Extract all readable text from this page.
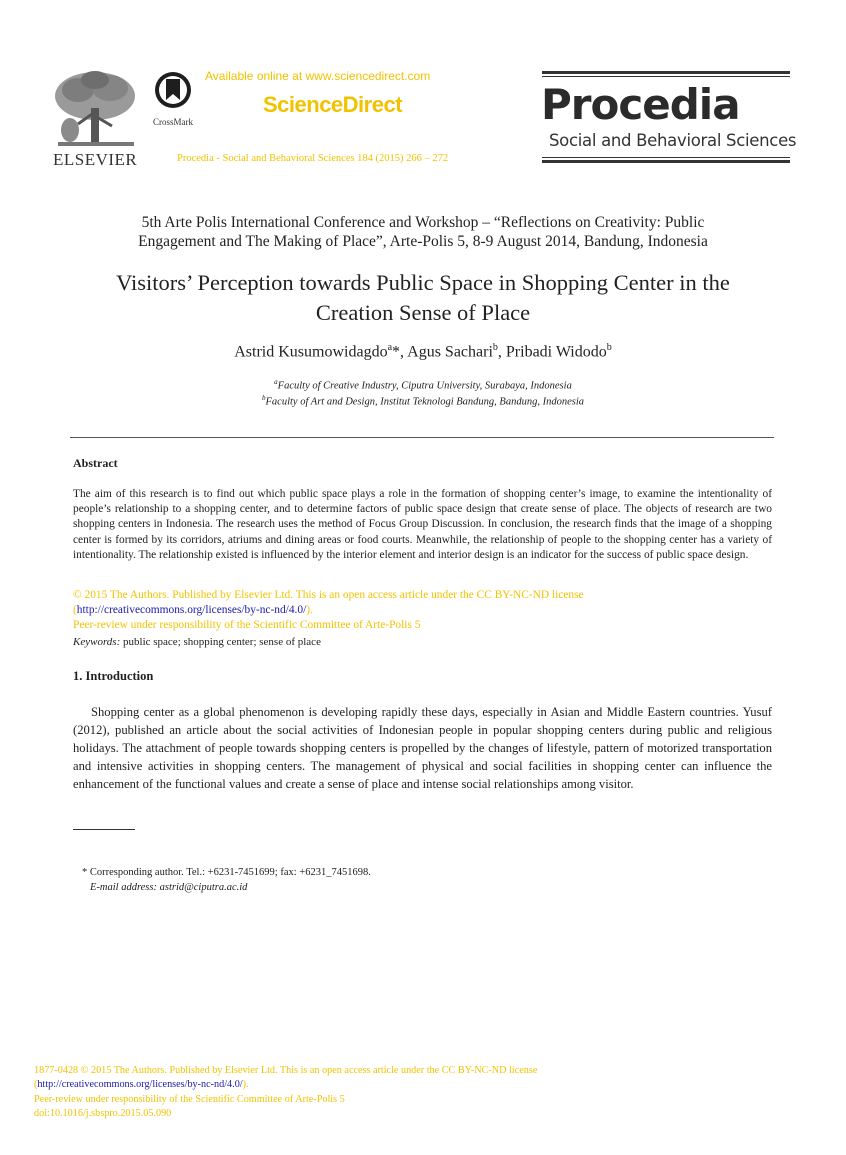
ELSEVIER
CrossMark
Available online at www.sciencedirect.com
ScienceDirect
Procedia - Social and Behavioral Sciences 184 (2015) 266 – 272
Procedia
Social and Behavioral Sciences
5th Arte Polis International Conference and Workshop – “Reflections on Creativity: Public
Engagement and The Making of Place”, Arte-Polis 5, 8-9 August 2014, Bandung, Indonesia
Visitors’ Perception towards Public Space in Shopping Center in the
Creation Sense of Place
Astrid Kusumowidagdo$^a$*, Agus Sachari$^b$, Pribadi Widodo$^b$
$^a$Faculty of Creative Industry, Ciputra University, Surabaya, Indonesia
$^b$Faculty of Art and Design, Institut Teknologi Bandung, Bandung, Indonesia
Abstract
The aim of this research is to find out which public space plays a role in the formation of shopping center’s image, to examine the intentionality of people’s relationship to a shopping center, and to determine factors of public space design that create sense of place. The objects of research are two shopping centers in Indonesia. The research uses the method of Focus Group Discussion. In conclusion, the research finds that the image of a shopping center is formed by its corridors, atriums and dining areas or food courts. Meanwhile, the relationship of people to the shopping center has a variety of intentionality. The relationship existed is influenced by the interior element and interior design is an indicator for the success of public space design.
© 2015 The Authors. Published by Elsevier Ltd. This is an open access article under the CC BY-NC-ND license
(http://creativecommons.org/licenses/by-nc-nd/4.0/).
Peer-review under responsibility of the Scientific Committee of Arte-Polis 5
Keywords: public space; shopping center; sense of place
1. Introduction
Shopping center as a global phenomenon is developing rapidly these days, especially in Asian and Middle Eastern countries. Yusuf (2012), published an article about the social activities of Indonesian people in popular shopping centers during public and religious holidays. The attachment of people towards shopping centers is propelled by the changes of lifestyle, pattern of motorized transportation and intensive activities in shopping centers. The management of physical and social facilities in shopping center can influence the enhancement of the functional values and create a sense of place and intense social relationships among visitor.
* Corresponding author. Tel.: +6231-7451699; fax: +6231_7451698.
E-mail address: astrid@ciputra.ac.id
1877-0428 © 2015 The Authors. Published by Elsevier Ltd. This is an open access article under the CC BY-NC-ND license
(http://creativecommons.org/licenses/by-nc-nd/4.0/).
Peer-review under responsibility of the Scientific Committee of Arte-Polis 5
doi:10.1016/j.sbspro.2015.05.090
